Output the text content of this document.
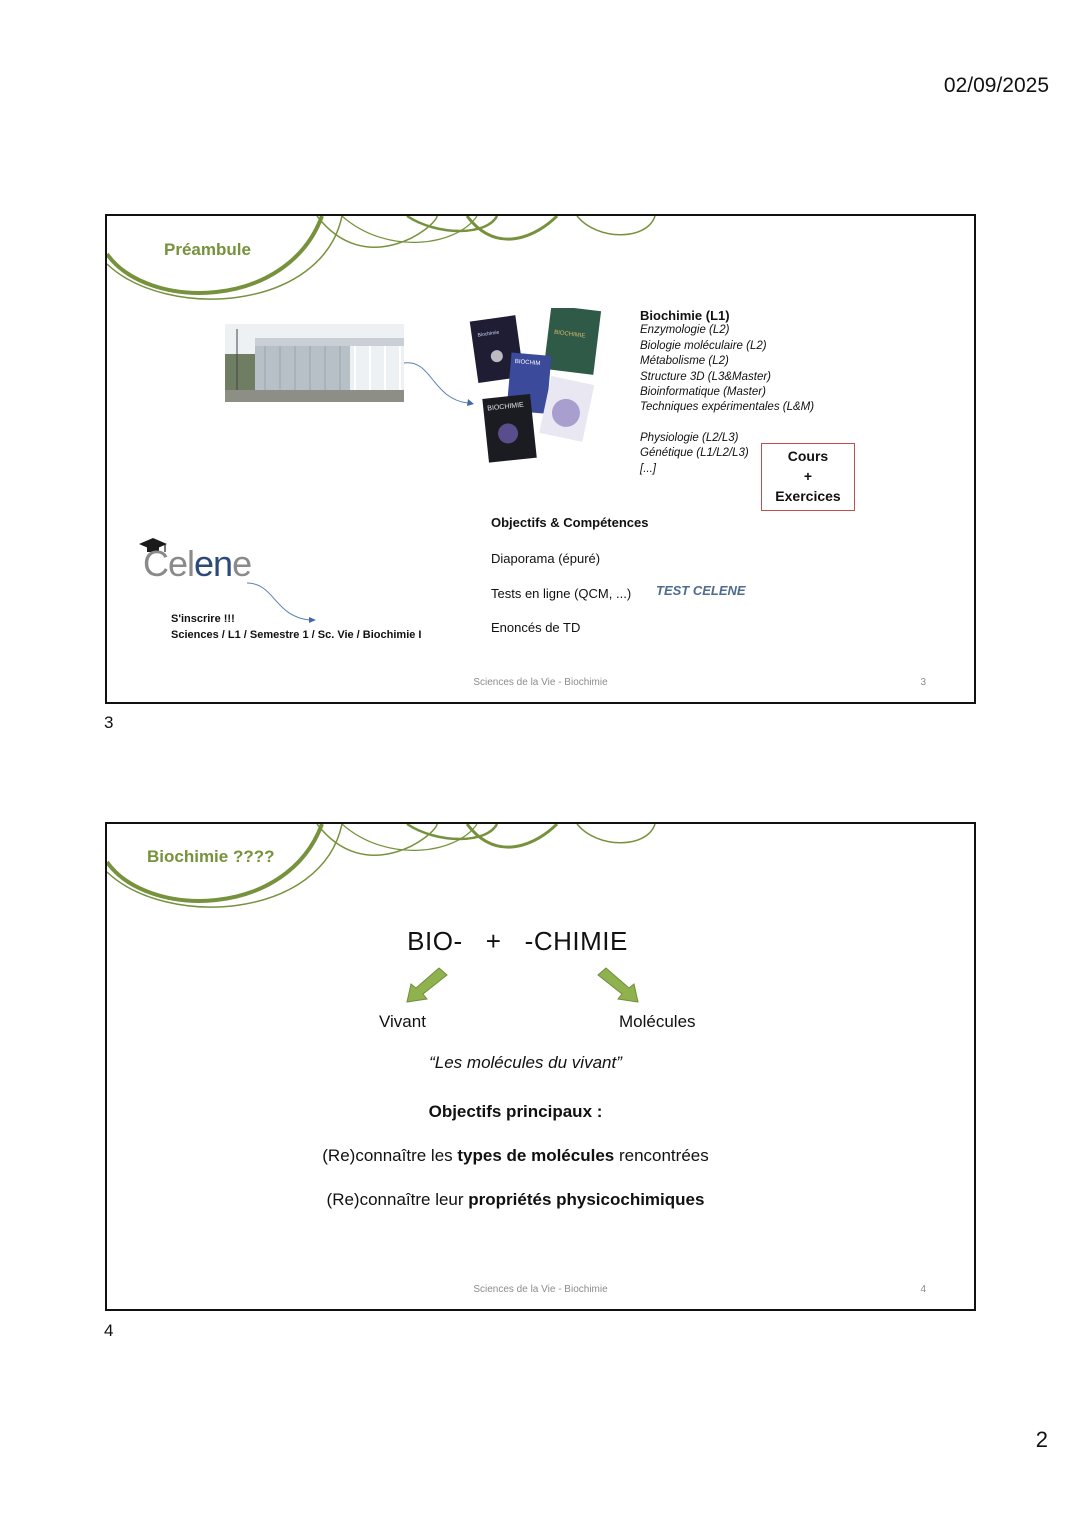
02/09/2025
Préambule
Biochimie	BIOCHIMIE
BIOCHIM
BIOCHIMIE
Biochimie (L1)
Enzymologie (L2)
Biologie moléculaire (L2)
Métabolisme (L2)
Structure 3D (L3&Master)
Bioinformatique (Master)
Techniques expérimentales (L&M)
Physiologie (L2/L3)
Génétique (L1/L2/L3)
[...]
Cours
+
Exercices
Objectifs & Compétences
Diaporama (épuré)
Tests en ligne (QCM, ...)
Enoncés de TD
TEST CELENE
Celene
S'inscrire !!!
Sciences / L1 / Semestre 1 / Sc. Vie / Biochimie I
Sciences de la Vie - Biochimie	3
3
Biochimie ????
BIO- + -CHIMIE
Vivant	Molécules
“Les molécules du vivant”
Objectifs principaux :
(Re)connaître les types de molécules rencontrées
(Re)connaître leur propriétés physicochimiques
Sciences de la Vie - Biochimie	4
4
2
